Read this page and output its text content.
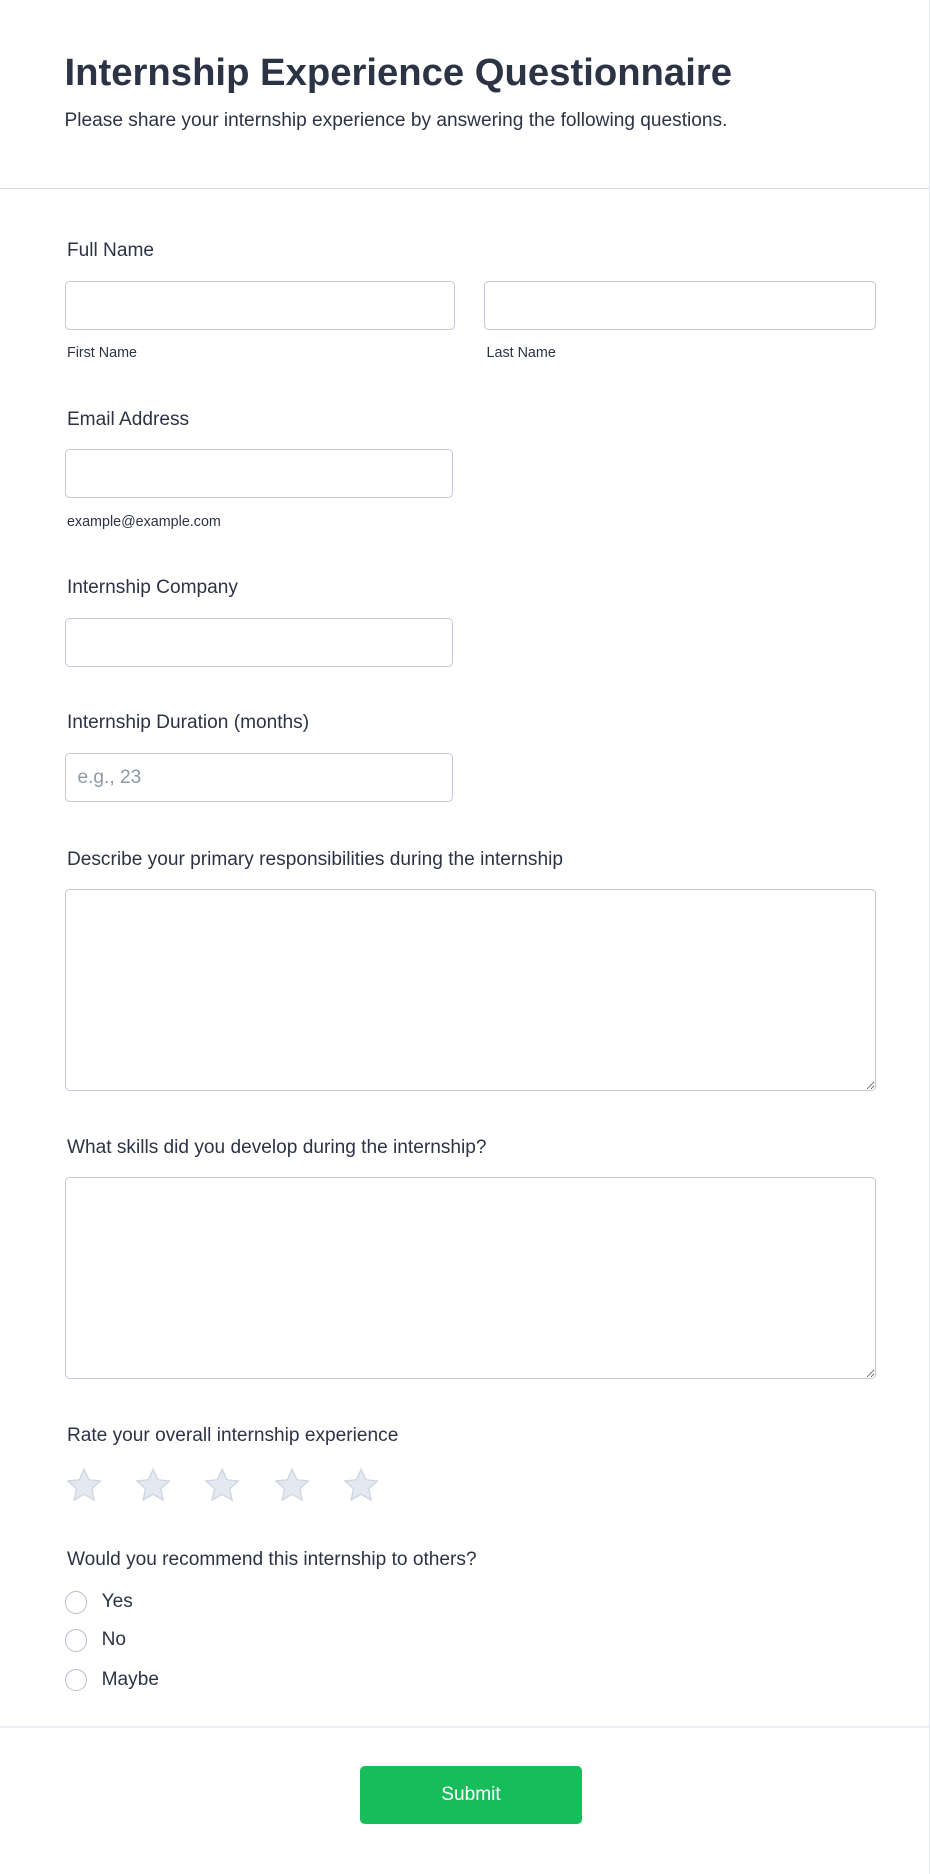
Internship Experience Questionnaire
Please share your internship experience by answering the following questions.
Full Name
First Name	Last Name
Email Address
example@example.com
Internship Company
Internship Duration (months)
e.g., 23
Describe your primary responsibilities during the internship
What skills did you develop during the internship?
Rate your overall internship experience
Would you recommend this internship to others?
Yes
No
Maybe
Submit
